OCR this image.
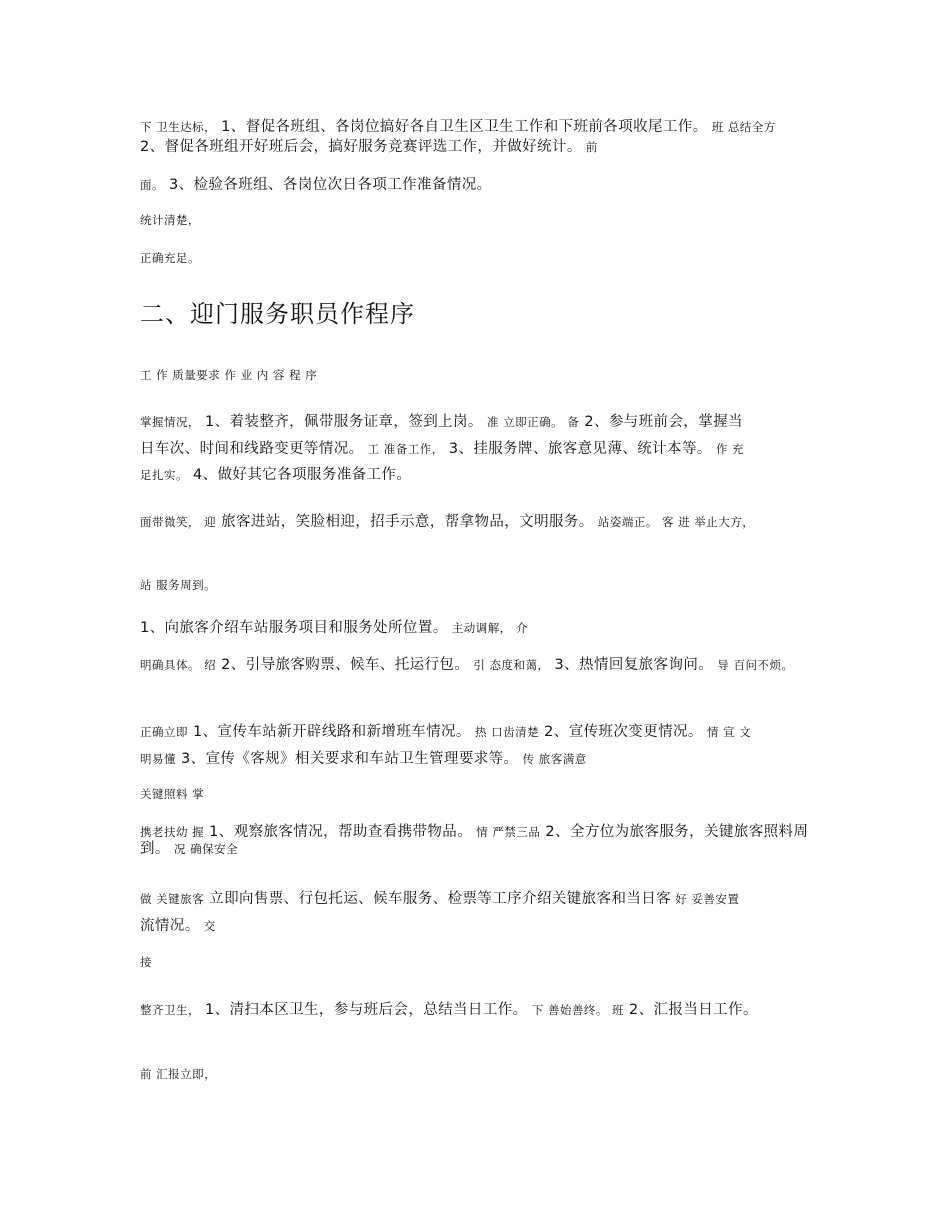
下 卫生达标， 1、督促各班组、各岗位搞好各自卫生区卫生工作和下班前各项收尾工作。 班 总结全方
2、督促各班组开好班后会，搞好服务竞赛评选工作，并做好统计。 前
面。 3、检验各班组、各岗位次日各项工作准备情况。
统计清楚，
正确充足。
二、迎门服务职员作程序
工 作 质量要求 作 业 内 容 程 序
掌握情况， 1、着装整齐，佩带服务证章，签到上岗。 准 立即正确。 备 2、参与班前会，掌握当
日车次、时间和线路变更等情况。 工 准备工作， 3、挂服务牌、旅客意见薄、统计本等。 作 充
足扎实。 4、做好其它各项服务准备工作。
面带微笑， 迎 旅客进站，笑脸相迎，招手示意，帮拿物品，文明服务。 站姿端正。 客 进 举止大方，
站 服务周到。
1、向旅客介绍车站服务项目和服务处所位置。 主动调解， 介
明确具体。 绍 2、引导旅客购票、候车、托运行包。 引 态度和蔼， 3、热情回复旅客询问。 导 百问不烦。
正确立即 1、宣传车站新开辟线路和新增班车情况。 热 口齿清楚 2、宣传班次变更情况。 情 宣 文
明易懂 3、宣传《客规》相关要求和车站卫生管理要求等。 传 旅客满意
关键照料 掌
携老扶幼 握 1、观察旅客情况，帮助查看携带物品。 情 严禁三品 2、全方位为旅客服务，关键旅客照料周到。 况 确保安全
做 关键旅客 立即向售票、行包托运、候车服务、检票等工序介绍关键旅客和当日客 好 妥善安置
流情况。 交
接
整齐卫生， 1、清扫本区卫生，参与班后会，总结当日工作。 下 善始善终。 班 2、汇报当日工作。
前 汇报立即，
